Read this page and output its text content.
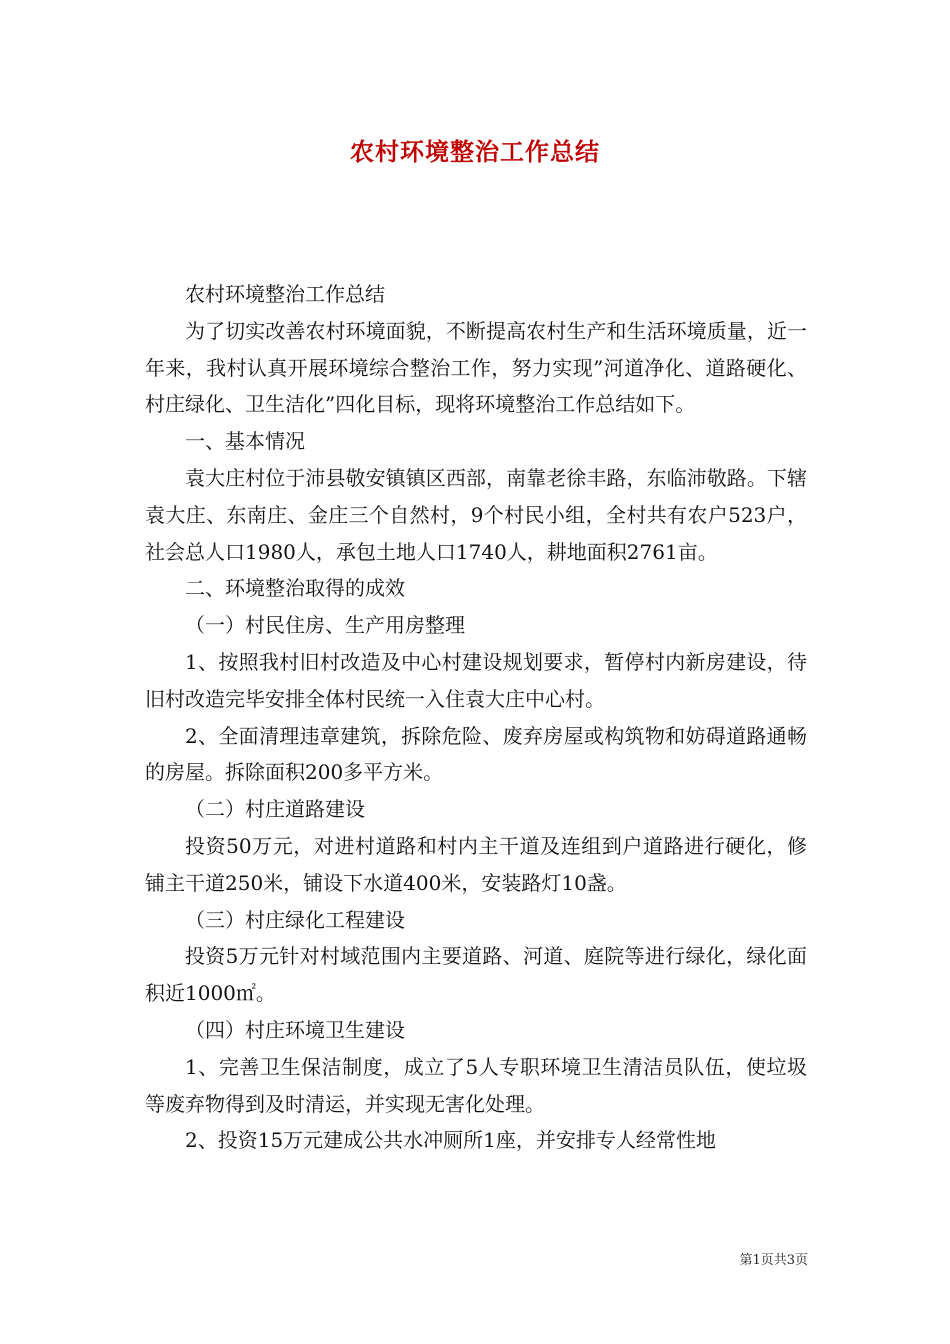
农村环境整治工作总结

农村环境整治工作总结

为了切实改善农村环境面貌，不断提高农村生产和生活环境质量，近一年来，我村认真开展环境综合整治工作，努力实现”河道净化、道路硬化、村庄绿化、卫生洁化”四化目标，现将环境整治工作总结如下。

一、基本情况

袁大庄村位于沛县敬安镇镇区西部，南靠老徐丰路，东临沛敬路。下辖袁大庄、东南庄、金庄三个自然村，9个村民小组，全村共有农户523户，社会总人口1980人，承包土地人口1740人，耕地面积2761亩。

二、环境整治取得的成效

（一）村民住房、生产用房整理

1、按照我村旧村改造及中心村建设规划要求，暂停村内新房建设，待旧村改造完毕安排全体村民统一入住袁大庄中心村。

2、全面清理违章建筑，拆除危险、废弃房屋或构筑物和妨碍道路通畅的房屋。拆除面积200多平方米。

（二）村庄道路建设

投资50万元，对进村道路和村内主干道及连组到户道路进行硬化，修铺主干道250米，铺设下水道400米，安装路灯10盏。

（三）村庄绿化工程建设

投资5万元针对村域范围内主要道路、河道、庭院等进行绿化，绿化面积近1000㎡。

（四）村庄环境卫生建设

1、完善卫生保洁制度，成立了5人专职环境卫生清洁员队伍，使垃圾等废弃物得到及时清运，并实现无害化处理。

2、投资15万元建成公共水冲厕所1座，并安排专人经常性地

第1页共3页
